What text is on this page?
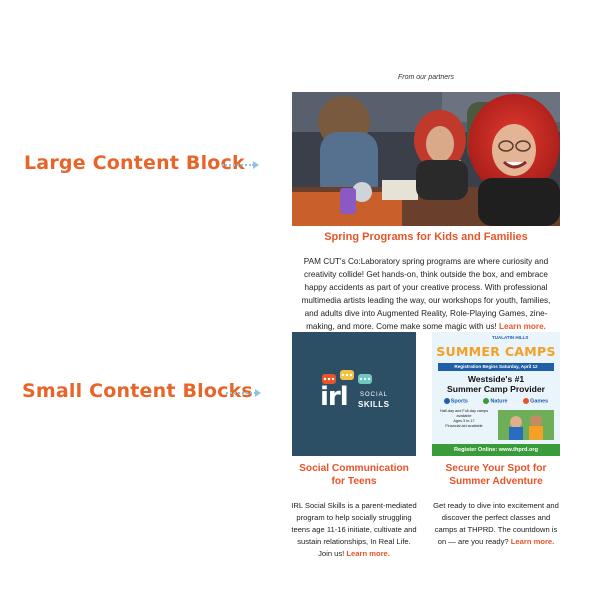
Large Content Block
Small Content Blocks
From our partners
Spring Programs for Kids and Families
PAM CUT's Co:Laboratory spring programs are where curiosity and creativity collide! Get hands-on, think outside the box, and embrace happy accidents as part of your creative process. With professional multimedia artists leading the way, our workshops for youth, families, and adults dive into Augmented Reality, Role-Playing Games, zine-making, and more. Come make some magic with us! Learn more.
irl SOCIAL
SKILLS
Social Communication
for Teens
IRL Social Skills is a parent-mediated program to help socially struggling teens age 11-16 initiate, cultivate and sustain relationships, In Real Life. Join us! Learn more.
TUALATIN HILLS
SUMMER CAMPS
Registration Begins Saturday, April 12
Westside's #1
Summer Camp Provider
Sports	Nature	Games
Half-day and Full-day camps available
Ages 3 to 17
Financial aid available
Register Online: www.thprd.org
Secure Your Spot for
Summer Adventure
Get ready to dive into excitement and discover the perfect classes and camps at THPRD. The countdown is on — are you ready? Learn more.
